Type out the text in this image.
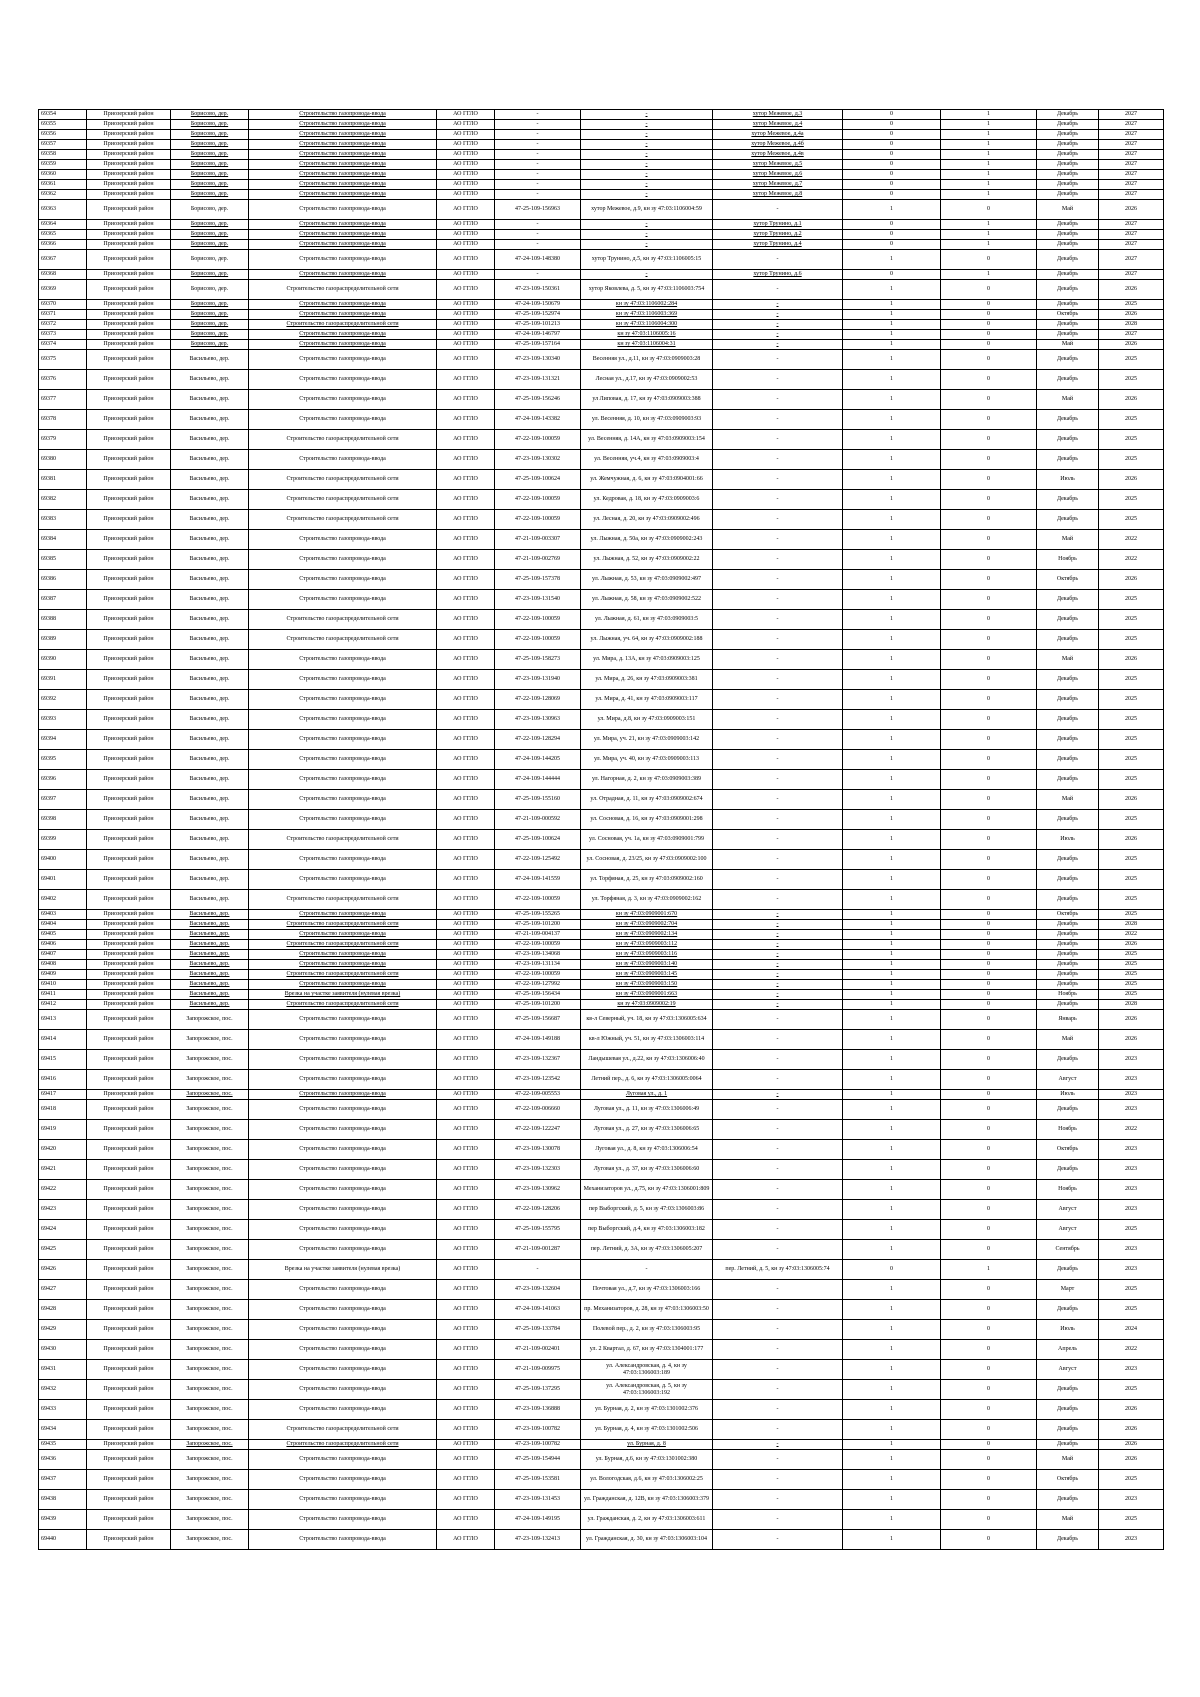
69354	Приозерский район	Борисово, дер.	Строительство газопровода-ввода	АО ГГЛО	-	-	хутор Межевое, д.3	0	1	Декабрь	2027
69355	Приозерский район	Борисово, дер.	Строительство газопровода-ввода	АО ГГЛО	-	-	хутор Межевое, д.4	0	1	Декабрь	2027
69356	Приозерский район	Борисово, дер.	Строительство газопровода-ввода	АО ГГЛО	-	-	хутор Межевое, д.4а	0	1	Декабрь	2027
69357	Приозерский район	Борисово, дер.	Строительство газопровода-ввода	АО ГГЛО	-	-	хутор Межевое, д.4б	0	1	Декабрь	2027
69358	Приозерский район	Борисово, дер.	Строительство газопровода-ввода	АО ГГЛО	-	-	хутор Межевое, д.4в	0	1	Декабрь	2027
69359	Приозерский район	Борисово, дер.	Строительство газопровода-ввода	АО ГГЛО	-	-	хутор Межевое, д.5	0	1	Декабрь	2027
69360	Приозерский район	Борисово, дер.	Строительство газопровода-ввода	АО ГГЛО	-	-	хутор Межевое, д.6	0	1	Декабрь	2027
69361	Приозерский район	Борисово, дер.	Строительство газопровода-ввода	АО ГГЛО	-	-	хутор Межевое, д.7	0	1	Декабрь	2027
69362	Приозерский район	Борисово, дер.	Строительство газопровода-ввода	АО ГГЛО	-	-	хутор Межевое, д.8	0	1	Декабрь	2027
69363	Приозерский район	Борисово, дер.	Строительство газопровода-ввода	АО ГГЛО	47-25-109-156963	хутор Межевое, д.9, кн зу 47:03:1106004:59	-	1	0	Май	2026
69364	Приозерский район	Борисово, дер.	Строительство газопровода-ввода	АО ГГЛО	-	-	хутор Трунино, д.1	0	1	Декабрь	2027
69365	Приозерский район	Борисово, дер.	Строительство газопровода-ввода	АО ГГЛО	-	-	хутор Трунино, д.2	0	1	Декабрь	2027
69366	Приозерский район	Борисово, дер.	Строительство газопровода-ввода	АО ГГЛО	-	-	хутор Трунино, д.4	0	1	Декабрь	2027
69367	Приозерский район	Борисово, дер.	Строительство газопровода-ввода	АО ГГЛО	47-24-109-148380	хутор Трунино, д.5, кн зу 47:03:1106005:15	-	1	0	Декабрь	2027
69368	Приозерский район	Борисово, дер.	Строительство газопровода-ввода	АО ГГЛО	-	-	хутор Трунино, д.6	0	1	Декабрь	2027
69369	Приозерский район	Борисово, дер.	Строительство газораспределительной сети	АО ГГЛО	47-23-109-150361	хутор Яковлева, д. 5, кн зу 47:03:1106003:754	-	1	0	Декабрь	2026
69370	Приозерский район	Борисово, дер.	Строительство газопровода-ввода	АО ГГЛО	47-24-109-150679	кн зу 47:03:1106002:284	-	1	0	Декабрь	2025
69371	Приозерский район	Борисово, дер.	Строительство газопровода-ввода	АО ГГЛО	47-25-109-152974	кн зу 47:03:1106003:369	-	1	0	Октябрь	2026
69372	Приозерский район	Борисово, дер.	Строительство газораспределительной сети	АО ГГЛО	47-25-109-101213	кн зу 47:03:1106004:300	-	1	0	Декабрь	2028
69373	Приозерский район	Борисово, дер.	Строительство газопровода-ввода	АО ГГЛО	47-24-109-146797	кн зу 47:03:1106005:16	-	1	0	Декабрь	2027
69374	Приозерский район	Борисово, дер.	Строительство газопровода-ввода	АО ГГЛО	47-25-109-157164	кн зу 47:03:1106004:31	-	1	0	Май	2026
69375	Приозерский район	Васильево, дер.	Строительство газопровода-ввода	АО ГГЛО	47-23-109-130340	Весенняя ул., д.11, кн зу 47:03:0909003:28	-	1	0	Декабрь	2025
69376	Приозерский район	Васильево, дер.	Строительство газопровода-ввода	АО ГГЛО	47-23-109-131321	Лесная ул., д.17, кн зу 47:03:0909002:53	-	1	0	Декабрь	2025
69377	Приозерский район	Васильево, дер.	Строительство газопровода-ввода	АО ГГЛО	47-25-109-156246	ул Липовая, д. 17, кн зу 47:03:0909003:388	-	1	0	Май	2026
69378	Приозерский район	Васильево, дер.	Строительство газопровода-ввода	АО ГГЛО	47-24-109-143382	ул. Весенняя, д. 10, кн зу 47:03:0909003:93	-	1	0	Декабрь	2025
69379	Приозерский район	Васильево, дер.	Строительство газораспределительной сети	АО ГГЛО	47-22-109-100059	ул. Весенняя, д. 14А, кн зу 47:03:0909003:154	-	1	0	Декабрь	2025
69380	Приозерский район	Васильево, дер.	Строительство газопровода-ввода	АО ГГЛО	47-23-109-130302	ул. Весенняя, уч.4, кн зу 47:03:0909003:4	-	1	0	Декабрь	2025
69381	Приозерский район	Васильево, дер.	Строительство газораспределительной сети	АО ГГЛО	47-25-109-100624	ул. Жемчужная, д. 6, кн зу 47:03:0904001:66	-	1	0	Июль	2026
69382	Приозерский район	Васильево, дер.	Строительство газораспределительной сети	АО ГГЛО	47-22-109-100059	ул. Кедровая, д. 18, кн зу 47:03:0909003:6	-	1	0	Декабрь	2025
69383	Приозерский район	Васильево, дер.	Строительство газораспределительной сети	АО ГГЛО	47-22-109-100059	ул. Лесная, д. 20, кн зу 47:03:0909002:496	-	1	0	Декабрь	2025
69384	Приозерский район	Васильево, дер.	Строительство газопровода-ввода	АО ГГЛО	47-21-109-003307	ул. Лыжная, д. 50а, кн зу 47:03:0909002:243	-	1	0	Май	2022
69385	Приозерский район	Васильево, дер.	Строительство газопровода-ввода	АО ГГЛО	47-21-109-002769	ул. Лыжная, д. 52, кн зу 47:03:0909002:22	-	1	0	Ноябрь	2022
69386	Приозерский район	Васильево, дер.	Строительство газопровода-ввода	АО ГГЛО	47-25-109-157378	ул. Лыжная, д. 53, кн зу 47:03:0909002:497	-	1	0	Октябрь	2026
69387	Приозерский район	Васильево, дер.	Строительство газопровода-ввода	АО ГГЛО	47-23-109-131540	ул. Лыжная, д. 58, кн зу 47:03:0909002:522	-	1	0	Декабрь	2025
69388	Приозерский район	Васильево, дер.	Строительство газораспределительной сети	АО ГГЛО	47-22-109-100059	ул. Лыжная, д. 61, кн зу 47:03:0909003:5	-	1	0	Декабрь	2025
69389	Приозерский район	Васильево, дер.	Строительство газораспределительной сети	АО ГГЛО	47-22-109-100059	ул. Лыжная, уч. 64, кн зу 47:03:0909002:188	-	1	0	Декабрь	2025
69390	Приозерский район	Васильево, дер.	Строительство газопровода-ввода	АО ГГЛО	47-25-109-158273	ул. Мира, д. 13А, кн зу 47:03:0909003:125	-	1	0	Май	2026
69391	Приозерский район	Васильево, дер.	Строительство газопровода-ввода	АО ГГЛО	47-23-109-131940	ул. Мира, д. 26, кн зу 47:03:0909003:381	-	1	0	Декабрь	2025
69392	Приозерский район	Васильево, дер.	Строительство газопровода-ввода	АО ГГЛО	47-22-109-128069	ул. Мира, д. 41, кн зу 47:03:0909003:117	-	1	0	Декабрь	2025
69393	Приозерский район	Васильево, дер.	Строительство газопровода-ввода	АО ГГЛО	47-23-109-130963	ул. Мира, д.8, кн зу 47:03:0909003:151	-	1	0	Декабрь	2025
69394	Приозерский район	Васильево, дер.	Строительство газопровода-ввода	АО ГГЛО	47-22-109-128294	ул. Мира, уч. 21, кн зу 47:03:0909003:142	-	1	0	Декабрь	2025
69395	Приозерский район	Васильево, дер.	Строительство газопровода-ввода	АО ГГЛО	47-24-109-144205	ул. Мира, уч. 40, кн зу 47:03:0909003:113	-	1	0	Декабрь	2025
69396	Приозерский район	Васильево, дер.	Строительство газопровода-ввода	АО ГГЛО	47-24-109-144444	ул. Нагорная, д. 2, кн зу 47:03:0909003:389	-	1	0	Декабрь	2025
69397	Приозерский район	Васильево, дер.	Строительство газопровода-ввода	АО ГГЛО	47-25-109-155160	ул. Отрадная, д. 11, кн зу 47:03:0909002:674	-	1	0	Май	2026
69398	Приозерский район	Васильево, дер.	Строительство газопровода-ввода	АО ГГЛО	47-21-109-000592	ул. Сосновая, д. 16, кн зу 47:03:0909001:298	-	1	0	Декабрь	2025
69399	Приозерский район	Васильево, дер.	Строительство газораспределительной сети	АО ГГЛО	47-25-109-100624	ул. Сосновая, уч. 1а, кн зу 47:03:0909001:799	-	1	0	Июль	2026
69400	Приозерский район	Васильево, дер.	Строительство газопровода-ввода	АО ГГЛО	47-22-109-125492	ул. Сосновая, д. 23/25, кн зу 47:03:0909002:100	-	1	0	Декабрь	2025
69401	Приозерский район	Васильево, дер.	Строительство газопровода-ввода	АО ГГЛО	47-24-109-141559	ул. Торфяная, д. 25, кн зу 47:03:0909002:160	-	1	0	Декабрь	2025
69402	Приозерский район	Васильево, дер.	Строительство газораспределительной сети	АО ГГЛО	47-22-109-100059	ул. Торфяная, д. 3, кн зу 47:03:0909002:162	-	1	0	Декабрь	2025
69403	Приозерский район	Васильево, дер.	Строительство газопровода-ввода	АО ГГЛО	47-25-109-155265	кн зу 47:03:0909001:670	-	1	0	Октябрь	2025
69404	Приозерский район	Васильево, дер.	Строительство газораспределительной сети	АО ГГЛО	47-25-109-101200	кн зу 47:03:0909002:704	-	1	0	Декабрь	2028
69405	Приозерский район	Васильево, дер.	Строительство газопровода-ввода	АО ГГЛО	47-21-109-004137	кн зу 47:03:0909002:134	-	1	0	Декабрь	2022
69406	Приозерский район	Васильево, дер.	Строительство газораспределительной сети	АО ГГЛО	47-22-109-100059	кн зу 47:03:0909003:112	-	1	0	Декабрь	2026
69407	Приозерский район	Васильево, дер.	Строительство газопровода-ввода	АО ГГЛО	47-23-109-134068	кн зу 47:03:0909003:116	-	1	0	Декабрь	2025
69408	Приозерский район	Васильево, дер.	Строительство газопровода-ввода	АО ГГЛО	47-23-109-131134	кн зу 47:03:0909003:140	-	1	0	Декабрь	2025
69409	Приозерский район	Васильево, дер.	Строительство газораспределительной сети	АО ГГЛО	47-22-109-100059	кн зу 47:03:0909003:145	-	1	0	Декабрь	2025
69410	Приозерский район	Васильево, дер.	Строительство газопровода-ввода	АО ГГЛО	47-22-109-127992	кн зу 47:03:0909003:150	-	1	0	Декабрь	2025
69411	Приозерский район	Васильево, дер.	Врезка на участке заявителя (нулевая врезка)	АО ГГЛО	47-25-109-156434	кн зу 47:03:0909001:663	-	1	0	Ноябрь	2025
69412	Приозерский район	Васильево, дер.	Строительство газораспределительной сети	АО ГГЛО	47-25-109-101200	кн зу 47:03:0909002:19	-	1	0	Декабрь	2028
69413	Приозерский район	Запорожское, пос.	Строительство газопровода-ввода	АО ГГЛО	47-25-109-156687	кв-л Северный, уч. 18, кн зу 47:03:1306005:634	-	1	0	Январь	2026
69414	Приозерский район	Запорожское, пос.	Строительство газопровода-ввода	АО ГГЛО	47-24-109-149188	кв-л Южный, уч. 51, кн зу 47:03:1306003:114	-	1	0	Май	2026
69415	Приозерский район	Запорожское, пос.	Строительство газопровода-ввода	АО ГГЛО	47-23-109-132367	Ландышевая ул., д.22, кн зу 47:03:1306006:40	-	1	0	Декабрь	2023
69416	Приозерский район	Запорожское, пос.	Строительство газопровода-ввода	АО ГГЛО	47-23-109-123542	Летний пер., д. 6, кн зу 47:03:1306005:0064	-	1	0	Август	2023
69417	Приозерский район	Запорожское, пос.	Строительство газопровода-ввода	АО ГГЛО	47-22-109-005553	Луговая ул., д. 1	-	1	0	Июль	2023
69418	Приозерский район	Запорожское, пос.	Строительство газопровода-ввода	АО ГГЛО	47-22-109-006660	Луговая ул., д. 11, кн зу 47:03:1306006:49	-	1	0	Декабрь	2023
69419	Приозерский район	Запорожское, пос.	Строительство газопровода-ввода	АО ГГЛО	47-22-109-122247	Луговая ул., д. 27, кн зу 47:03:1306006:65	-	1	0	Ноябрь	2022
69420	Приозерский район	Запорожское, пос.	Строительство газопровода-ввода	АО ГГЛО	47-23-109-130078	Луговая ул., д. 8, кн зу 47:03:1306006:54	-	1	0	Октябрь	2023
69421	Приозерский район	Запорожское, пос.	Строительство газопровода-ввода	АО ГГЛО	47-23-109-132303	Луговая ул., д. 37, кн зу 47:03:1306006:60	-	1	0	Декабрь	2023
69422	Приозерский район	Запорожское, пос.	Строительство газопровода-ввода	АО ГГЛО	47-23-109-130962	Механизаторов ул., д.75, кн зу 47:03:1306001:809	-	1	0	Ноябрь	2023
69423	Приозерский район	Запорожское, пос.	Строительство газопровода-ввода	АО ГГЛО	47-22-109-128206	пер Выборгский, д. 5, кн зу 47:03:1306003:86	-	1	0	Август	2023
69424	Приозерский район	Запорожское, пос.	Строительство газопровода-ввода	АО ГГЛО	47-25-109-155795	пер Выборгский, д.4, кн зу 47:03:1306003:182	-	1	0	Август	2025
69425	Приозерский район	Запорожское, пос.	Строительство газопровода-ввода	АО ГГЛО	47-21-109-001287	пер. Летний, д. 3А, кн зу 47:03:1306005:207	-	1	0	Сентябрь	2023
69426	Приозерский район	Запорожское, пос.	Врезка на участке заявителя (нулевая врезка)	АО ГГЛО	-	-	пер. Летний, д. 5, кн зу 47:03:1306005:74	0	1	Декабрь	2023
69427	Приозерский район	Запорожское, пос.	Строительство газопровода-ввода	АО ГГЛО	47-23-109-132604	Почтовая ул., д.7, кн зу 47:03:1306003:166	-	1	0	Март	2025
69428	Приозерский район	Запорожское, пос.	Строительство газопровода-ввода	АО ГГЛО	47-24-109-141063	пр. Механизаторов, д. 28, кн зу 47:03:1306003:50	-	1	0	Декабрь	2025
69429	Приозерский район	Запорожское, пос.	Строительство газопровода-ввода	АО ГГЛО	47-25-109-133784	Полевой пер., д. 2, кн зу 47:03:1306003:95	-	1	0	Июль	2024
69430	Приозерский район	Запорожское, пос.	Строительство газопровода-ввода	АО ГГЛО	47-21-109-002401	ул. 2 Квартал, д. 67, кн зу 47:03:1304001:177	-	1	0	Апрель	2022
69431	Приозерский район	Запорожское, пос.	Строительство газопровода-ввода	АО ГГЛО	47-21-109-009975	ул. Александровская, д. 4, кн зу 47:03:1306003:189	-	1	0	Август	2023
69432	Приозерский район	Запорожское, пос.	Строительство газопровода-ввода	АО ГГЛО	47-25-109-137295	ул. Александровская, д. 5, кн зу 47:03:1306003:192	-	1	0	Декабрь	2025
69433	Приозерский район	Запорожское, пос.	Строительство газопровода-ввода	АО ГГЛО	47-23-109-136888	ул. Бурная, д. 2, кн зу 47:03:1301002:376	-	1	0	Декабрь	2026
69434	Приозерский район	Запорожское, пос.	Строительство газораспределительной сети	АО ГГЛО	47-23-109-100782	ул. Бурная, д. 4, кн зу 47:03:1301002:506	-	1	0	Декабрь	2026
69435	Приозерский район	Запорожское, пос.	Строительство газораспределительной сети	АО ГГЛО	47-23-109-100782	ул. Бурная, д. 8	-	1	0	Декабрь	2026
69436	Приозерский район	Запорожское, пос.	Строительство газопровода-ввода	АО ГГЛО	47-25-109-154944	ул. Бурная, д.6, кн зу 47:03:1301002:380	-	1	0	Май	2026
69437	Приозерский район	Запорожское, пос.	Строительство газопровода-ввода	АО ГГЛО	47-25-109-153581	ул. Вологодская, д.6, кн зу 47:03:1306002:25	-	1	0	Октябрь	2025
69438	Приозерский район	Запорожское, пос.	Строительство газопровода-ввода	АО ГГЛО	47-23-109-131453	ул. Гражданская, д. 12В, кн зу 47:03:1306003:379	-	1	0	Декабрь	2023
69439	Приозерский район	Запорожское, пос.	Строительство газопровода-ввода	АО ГГЛО	47-24-109-149195	ул. Гражданская, д. 2, кн зу 47:03:1306003:611	-	1	0	Май	2025
69440	Приозерский район	Запорожское, пос.	Строительство газопровода-ввода	АО ГГЛО	47-23-109-132413	ул. Гражданская, д. 30, кн зу 47:03:1306003:104	-	1	0	Декабрь	2023
